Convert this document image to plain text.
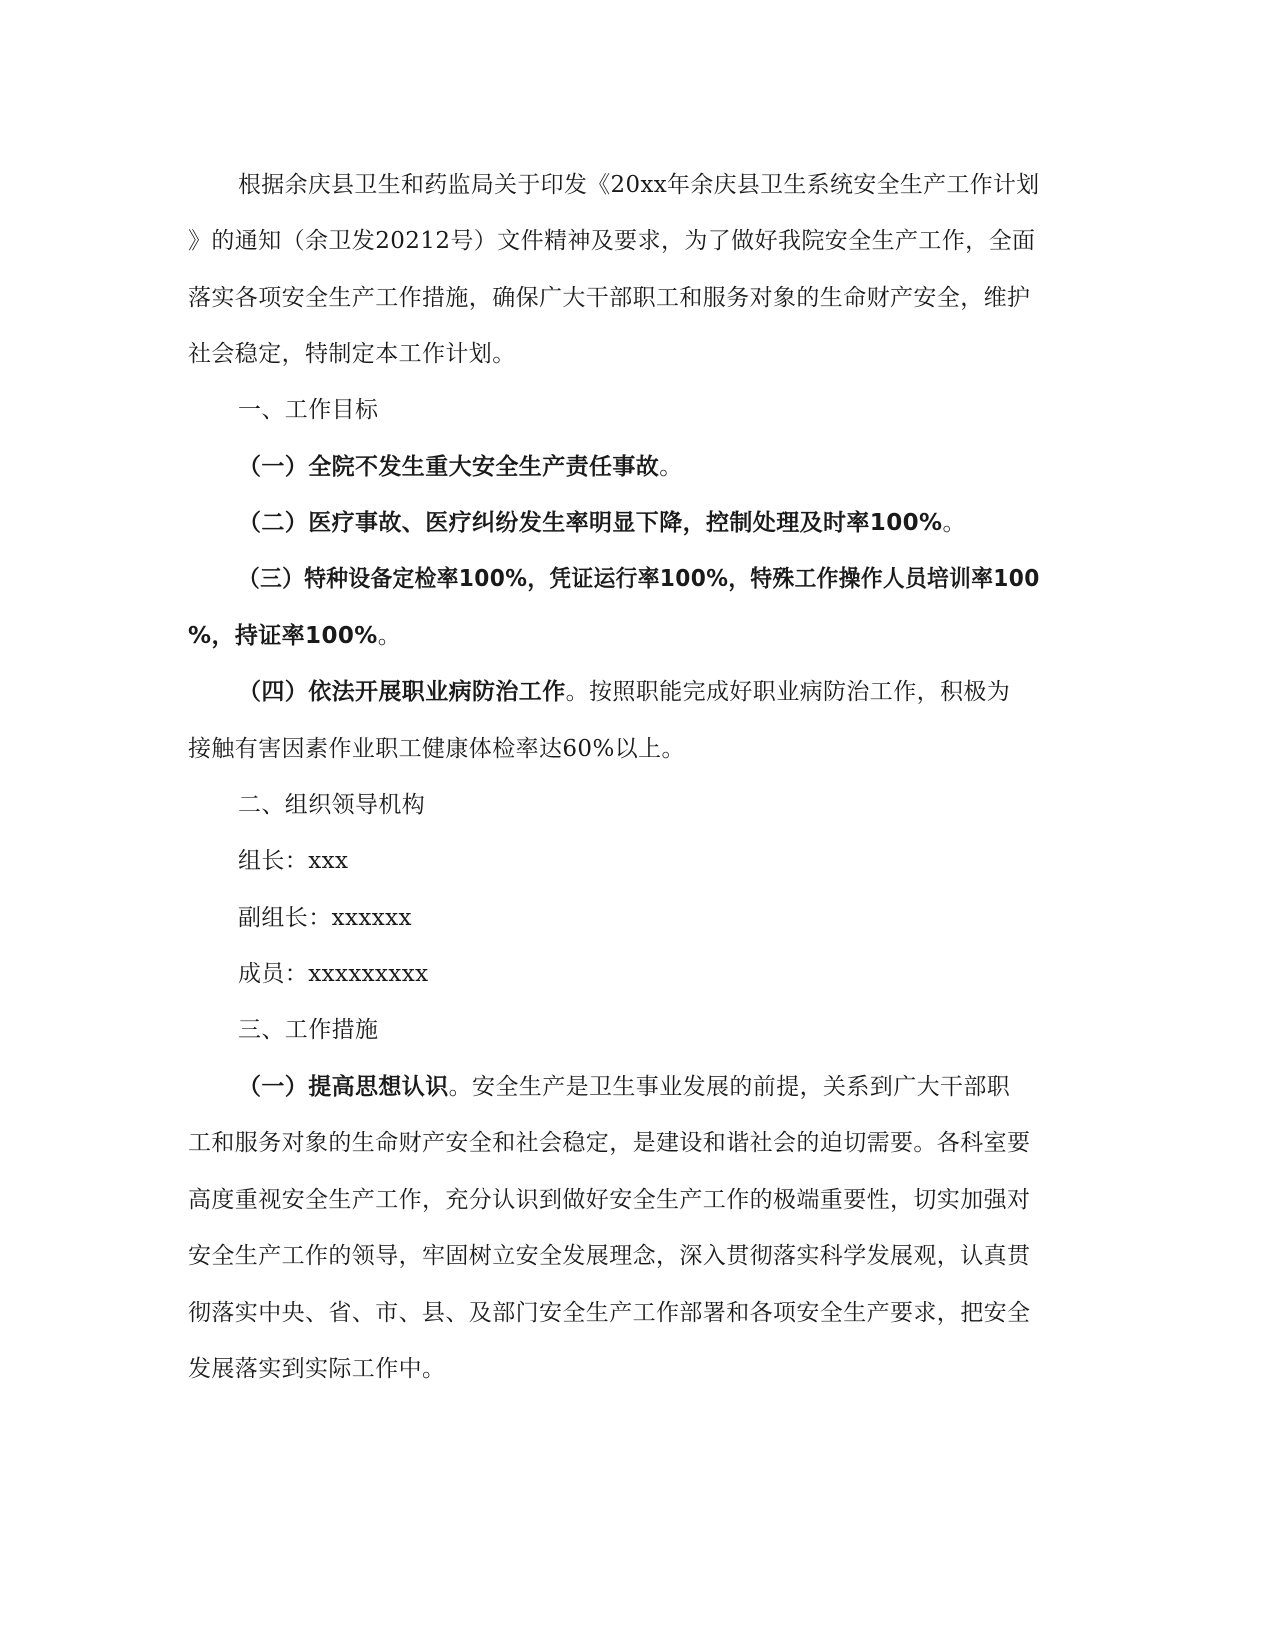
根据余庆县卫生和药监局关于印发《20xx年余庆县卫生系统安全生产工作计划
》的通知（余卫发20212号）文件精神及要求，为了做好我院安全生产工作，全面
落实各项安全生产工作措施，确保广大干部职工和服务对象的生命财产安全，维护
社会稳定，特制定本工作计划。
一、工作目标
（一）全院不发生重大安全生产责任事故。
（二）医疗事故、医疗纠纷发生率明显下降，控制处理及时率100%。
（三）特种设备定检率100%，凭证运行率100%，特殊工作操作人员培训率100
%，持证率100%。
（四）依法开展职业病防治工作。按照职能完成好职业病防治工作，积极为
接触有害因素作业职工健康体检率达60%以上。
二、组织领导机构
组长：xxx
副组长：xxxxxx
成员：xxxxxxxxx
三、工作措施
（一）提高思想认识。安全生产是卫生事业发展的前提，关系到广大干部职
工和服务对象的生命财产安全和社会稳定，是建设和谐社会的迫切需要。各科室要
高度重视安全生产工作，充分认识到做好安全生产工作的极端重要性，切实加强对
安全生产工作的领导，牢固树立安全发展理念，深入贯彻落实科学发展观，认真贯
彻落实中央、省、市、县、及部门安全生产工作部署和各项安全生产要求，把安全
发展落实到实际工作中。
